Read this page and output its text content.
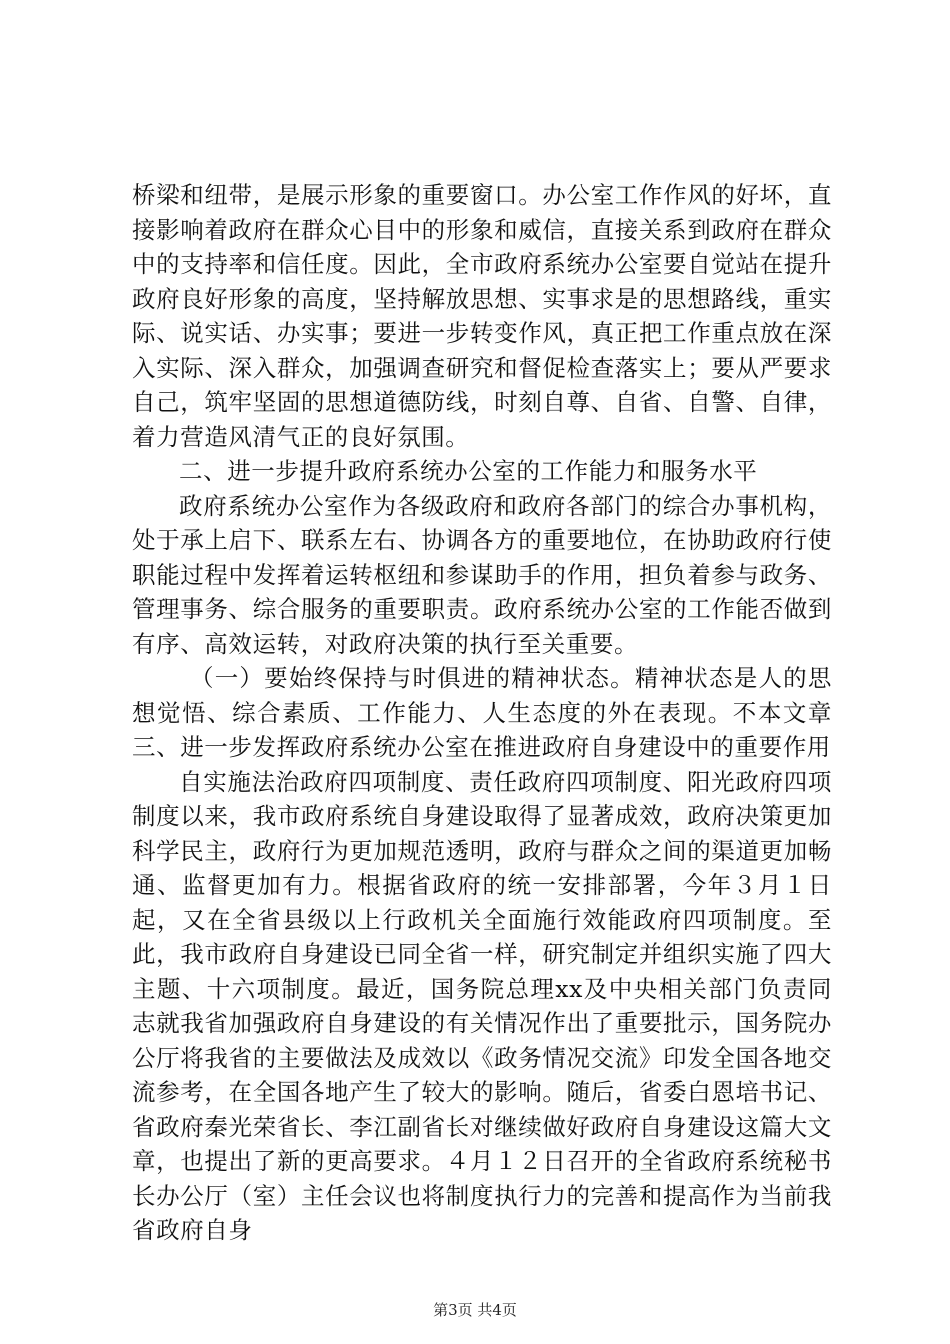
桥梁和纽带，是展示形象的重要窗口。办公室工作作风的好坏，直接影响着政府在群众心目中的形象和威信，直接关系到政府在群众中的支持率和信任度。因此，全市政府系统办公室要自觉站在提升政府良好形象的高度，坚持解放思想、实事求是的思想路线，重实际、说实话、办实事；要进一步转变作风，真正把工作重点放在深入实际、深入群众，加强调查研究和督促检查落实上；要从严要求自己，筑牢坚固的思想道德防线，时刻自尊、自省、自警、自律，着力营造风清气正的良好氛围。

二、进一步提升政府系统办公室的工作能力和服务水平

政府系统办公室作为各级政府和政府各部门的综合办事机构，处于承上启下、联系左右、协调各方的重要地位，在协助政府行使职能过程中发挥着运转枢纽和参谋助手的作用，担负着参与政务、管理事务、综合服务的重要职责。政府系统办公室的工作能否做到有序、高效运转，对政府决策的执行至关重要。

（一）要始终保持与时俱进的精神状态。精神状态是人的思想觉悟、综合素质、工作能力、人生态度的外在表现。不本文章三、进一步发挥政府系统办公室在推进政府自身建设中的重要作用

自实施法治政府四项制度、责任政府四项制度、阳光政府四项制度以来，我市政府系统自身建设取得了显著成效，政府决策更加科学民主，政府行为更加规范透明，政府与群众之间的渠道更加畅通、监督更加有力。根据省政府的统一安排部署，今年３月１日起，又在全省县级以上行政机关全面施行效能政府四项制度。至此，我市政府自身建设已同全省一样，研究制定并组织实施了四大主题、十六项制度。最近，国务院总理xx及中央相关部门负责同志就我省加强政府自身建设的有关情况作出了重要批示，国务院办公厅将我省的主要做法及成效以《政务情况交流》印发全国各地交流参考，在全国各地产生了较大的影响。随后，省委白恩培书记、省政府秦光荣省长、李江副省长对继续做好政府自身建设这篇大文章，也提出了新的更高要求。４月１２日召开的全省政府系统秘书长办公厅（室）主任会议也将制度执行力的完善和提高作为当前我省政府自身

第3页 共4页
